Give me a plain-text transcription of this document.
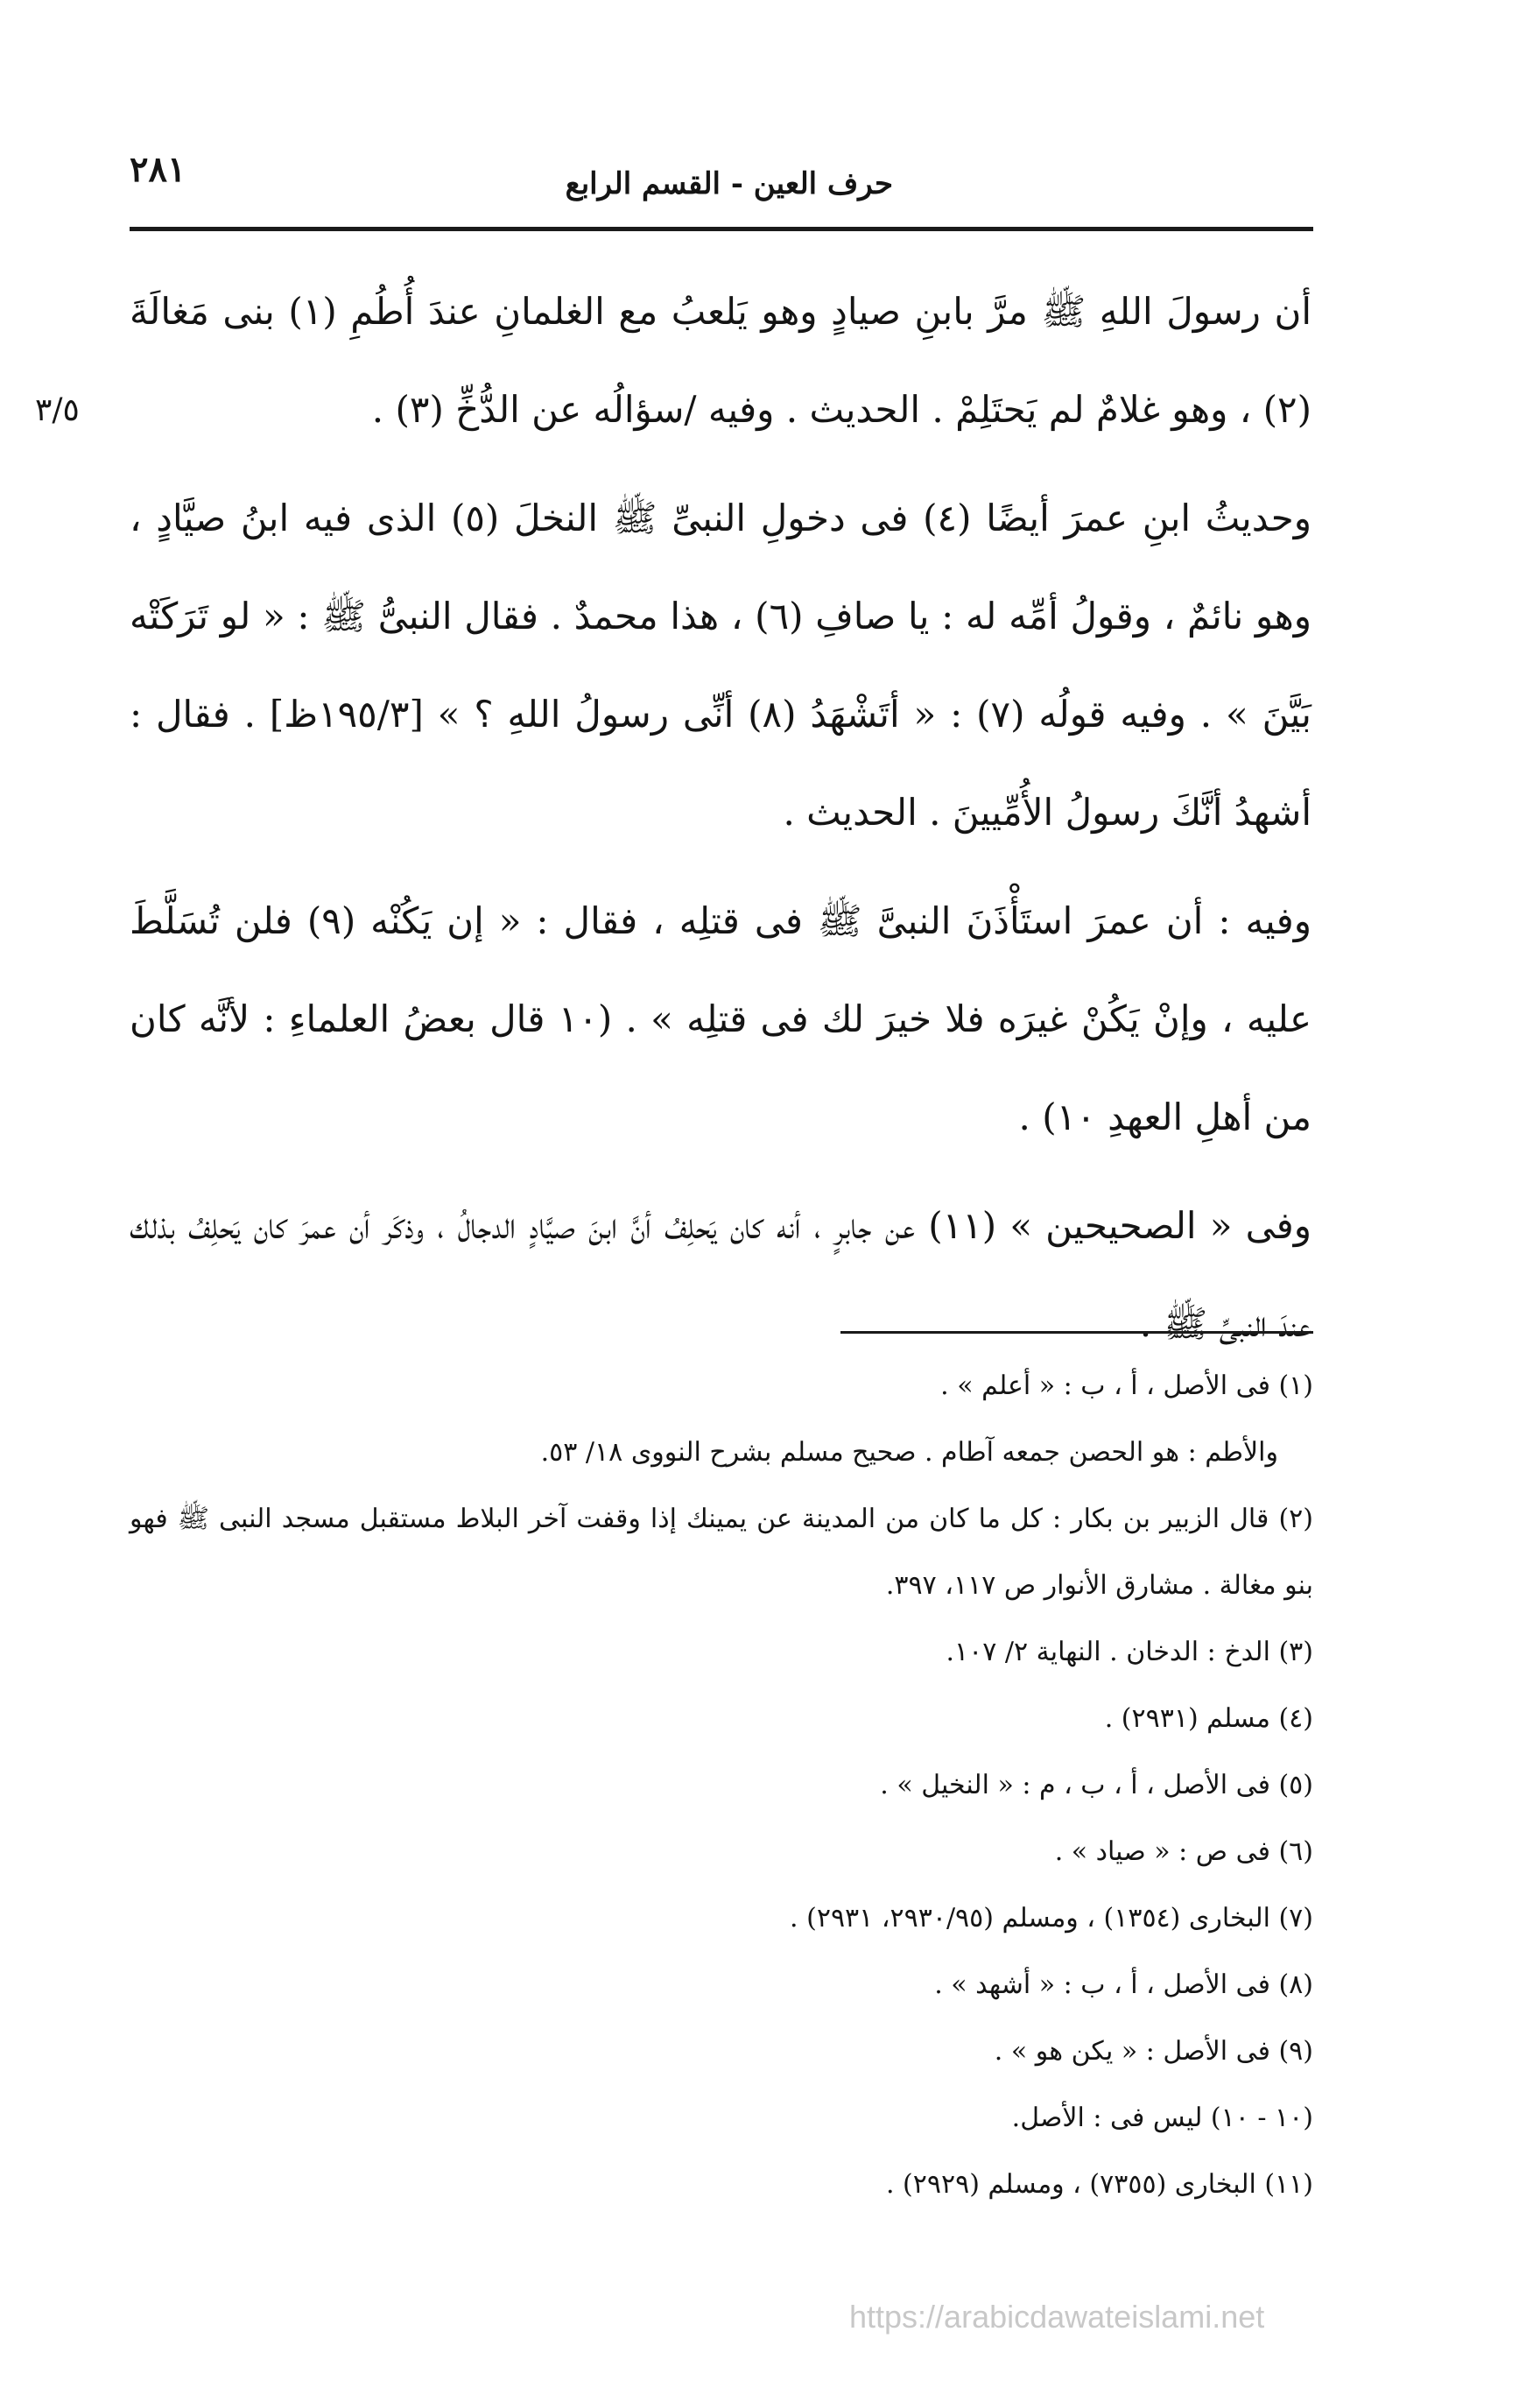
٢٨١	حرف العين - القسم الرابع
٣/٥

أن رسولَ اللهِ ﷺ مرَّ بابنِ صيادٍ وهو يَلعبُ مع الغلمانِ عندَ أُطُمِ (١) بنى مَغالَةَ (٢) ، وهو غلامٌ لم يَحتَلِمْ . الحديث . وفيه /سؤالُه عن الدُّخِّ (٣) .

وحديثُ ابنِ عمرَ أيضًا (٤) فى دخولِ النبىِّ ﷺ النخلَ (٥) الذى فيه ابنُ صيَّادٍ ، وهو نائمٌ ، وقولُ أمِّه له : يا صافِ (٦) ، هذا محمدٌ . فقال النبىُّ ﷺ : « لو تَرَكَتْه بَيَّنَ » . وفيه قولُه (٧) : « أتَشْهَدُ (٨) أنِّى رسولُ اللهِ ؟ » [١٩٥/٣ظ] . فقال : أشهدُ أنَّكَ رسولُ الأُمِّيينَ . الحديث .

وفيه : أن عمرَ استَأْذَنَ النبىَّ ﷺ فى قتلِه ، فقال : « إن يَكُنْه (٩) فلن تُسَلَّطَ عليه ، وإنْ يَكُنْ غيرَه فلا خيرَ لك فى قتلِه » . (١٠ قال بعضُ العلماءِ : لأنَّه كان من أهلِ العهدِ ١٠) .

وفى « الصحيحين » (١١) عن جابرٍ ، أنه كان يَحلِفُ أنَّ ابنَ صيَّادٍ الدجالُ ، وذكَر أن عمرَ كان يَحلِفُ بذلك عندَ النبىِّ ﷺ .

(١) فى الأصل ، أ ، ب : « أعلم » .

والأطم : هو الحصن جمعه آطام . صحيح مسلم بشرح النووى ١٨/ ٥٣.

(٢) قال الزبير بن بكار : كل ما كان من المدينة عن يمينك إذا وقفت آخر البلاط مستقبل مسجد النبى ﷺ فهو بنو مغالة . مشارق الأنوار ص ١١٧، ٣٩٧.

(٣) الدخ : الدخان . النهاية ٢/ ١٠٧.

(٤) مسلم (٢٩٣١) .

(٥) فى الأصل ، أ ، ب ، م : « النخيل » .

(٦) فى ص : « صياد » .

(٧) البخارى (١٣٥٤) ، ومسلم (٢٩٣٠/٩٥، ٢٩٣١) .

(٨) فى الأصل ، أ ، ب : « أشهد » .

(٩) فى الأصل : « يكن هو » .

(١٠ - ١٠) ليس فى : الأصل.

(١١) البخارى (٧٣٥٥) ، ومسلم (٢٩٢٩) .

https://arabicdawateislami.net
